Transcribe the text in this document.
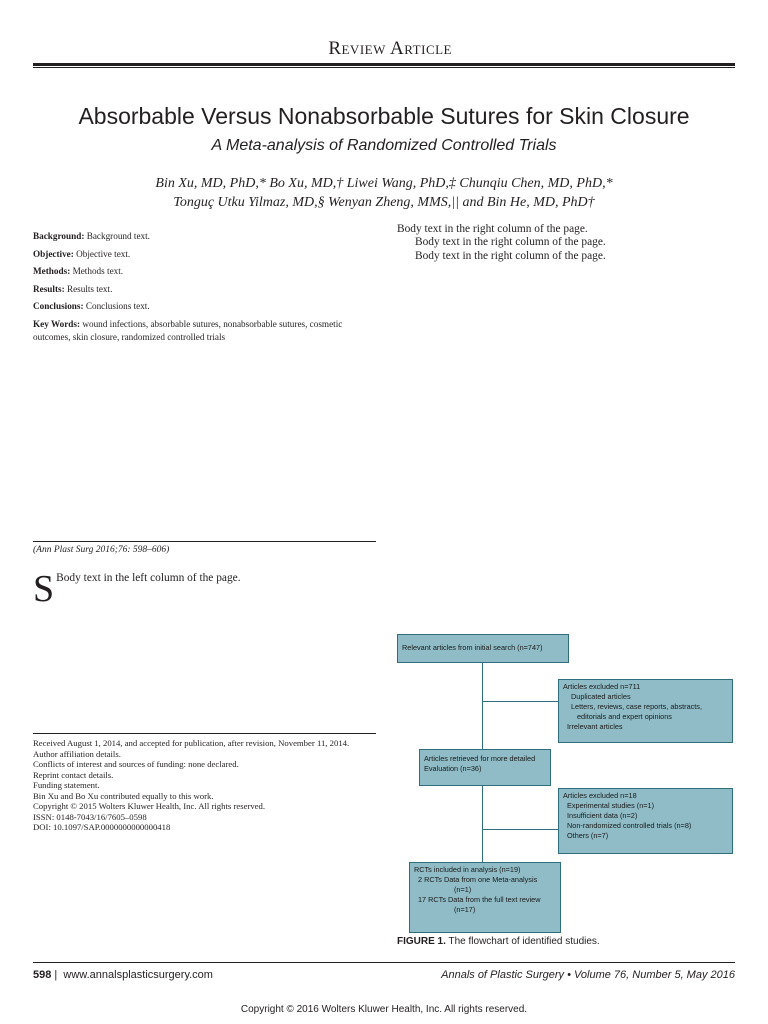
Review Article
Absorbable Versus Nonabsorbable Sutures for Skin Closure
A Meta-analysis of Randomized Controlled Trials
Bin Xu, MD, PhD,* Bo Xu, MD,† Liwei Wang, PhD,‡ Chunqiu Chen, MD, PhD,*
Tonguç Utku Yilmaz, MD,§ Wenyan Zheng, MMS,|| and Bin He, MD, PhD†

Background: Background text.

Objective: Objective text.

Methods: Methods text.

Results: Results text.

Conclusions: Conclusions text.

Key Words: wound infections, absorbable sutures, nonabsorbable sutures, cosmetic outcomes, skin closure, randomized controlled trials

(Ann Plast Surg 2016;76: 598–606)
S Body text in the left column of the page.

Received August 1, 2014, and accepted for publication, after revision, November 11, 2014.

Author affiliation details.

Conflicts of interest and sources of funding: none declared.

Reprint contact details.

Funding statement.

Bin Xu and Bo Xu contributed equally to this work.

Copyright © 2015 Wolters Kluwer Health, Inc. All rights reserved.

ISSN: 0148-7043/16/7605–0598

DOI: 10.1097/SAP.0000000000000418

Body text in the right column of the page.

Body text in the right column of the page.

Body text in the right column of the page.

Relevant articles from initial search (n=747)
Articles excluded n=711
Duplicated articles
Letters, reviews, case reports, abstracts,
editorials and expert opinions
Irrelevant articles
Articles retrieved for more detailed Evaluation (n=36)
Articles excluded n=18
Experimental studies (n=1)
Insufficient data (n=2)
Non-randomized controlled trials (n=8)
Others (n=7)
RCTs included in analysis (n=19)
2 RCTs Data from one Meta-analysis
(n=1)
17 RCTs Data from the full text review
(n=17)
FIGURE 1. The flowchart of identified studies.
598 |  www.annalsplasticsurgery.com	Annals of Plastic Surgery • Volume 76, Number 5, May 2016
Copyright © 2016 Wolters Kluwer Health, Inc. All rights reserved.
